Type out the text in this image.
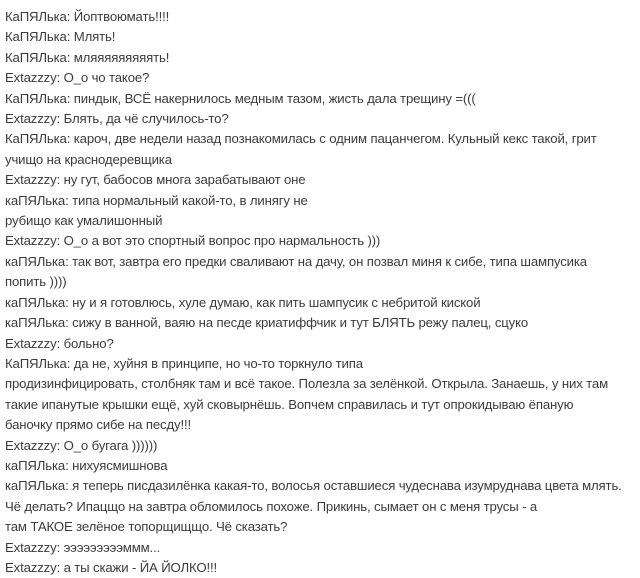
КаПЯЛька: Йоптвоюмать!!!!
КаПЯЛька: Млять!
КаПЯЛька: мляяяяяяяяять!
Extazzzy: О_о чо такое?
КаПЯЛька: пиндык, ВСЁ накернилось медным тазом, жисть дала трещину =(((
Extazzzy: Блять, да чё случилось-то?
КаПЯЛька: кароч, две недели назад познакомилась с одним пацанчегом. Кульный кекс такой, грит
учищо на краснодеревщика
Extazzzy: ну гут, бабосов многа зарабатывают оне
каПЯЛька: типа нормальный какой-то, в линягу не
рубищо как умалишонный
Extazzzy: О_о а вот это спортный вопрос про нармальность )))
каПЯЛька: так вот, завтра его предки сваливают на дачу, он позвал миня к сибе, типа шампусика
попить ))))
каПЯЛька: ну и я готовлюсь, хуле думаю, как пить шампусик с небритой киской
каПЯЛька: сижу в ванной, ваяю на песде криатиффчик и тут БЛЯТЬ режу палец, сцуко
Extazzzy: больно?
КаПЯЛька: да не, хуйня в принципе, но чо-то торкнуло типа
продизинфицировать, столбняк там и всё такое. Полезла за зелёнкой. Открыла. Занаешь, у них там
такие ипанутые крышки ещё, хуй сковырнёшь. Вопчем справилась и тут опрокидываю ёпаную
баночку прямо сибе на песду!!!
Extazzzy: О_о бугага ))))))
каПЯЛька: нихуясмишнова
каПЯЛька: я теперь писдазилёнка какая-то, волосья оставшиеся чудеснава изумруднава цвета млять.
Чё делать? Ипацщо на завтра обломилось похоже. Прикинь, сымает он с меня трусы - а
там ТАКОЕ зелёное топорщищщо. Чё сказать?
Extazzzy: эээээээээммм...
Extazzzy: а ты скажи - ЙА ЙОЛКО!!!
